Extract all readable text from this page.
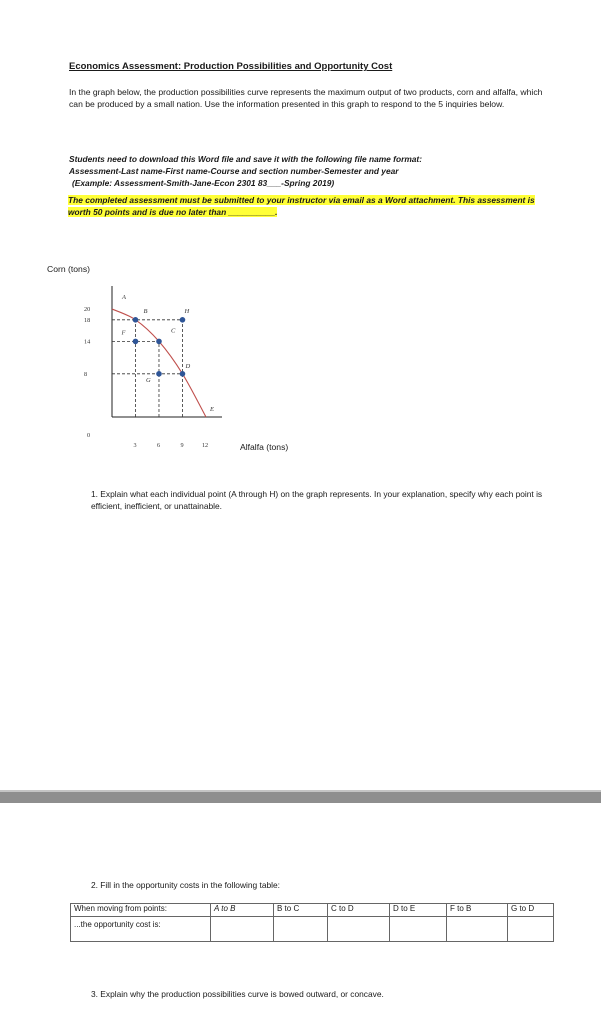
Economics Assessment: Production Possibilities and Opportunity Cost
In the graph below, the production possibilities curve represents the maximum output of two products, corn and alfalfa, which can be produced by a small nation. Use the information presented in this graph to respond to the 5 inquiries below.
Students need to download this Word file and save it with the following file name format:
Assessment-Last name-First name-Course and section number-Semester and year
(Example: Assessment-Smith-Jane-Econ 2301 83___-Spring 2019)
The completed assessment must be submitted to your instructor via email as a Word attachment. This assessment is worth 50 points and is due no later than __________.
Corn (tons)
Alfalfa (tons)
A
B
C
D
E
F
G
H
20
18
14
8
0
3	6	9	12
1. Explain what each individual point (A through H) on the graph represents. In your explanation, specify why each point is efficient, inefficient, or unattainable.
2. Fill in the opportunity costs in the following table:
When moving from points:	A to B	B to C	C to D	D to E	F to B	G to D
...the opportunity cost is:						
3. Explain why the production possibilities curve is bowed outward, or concave.
